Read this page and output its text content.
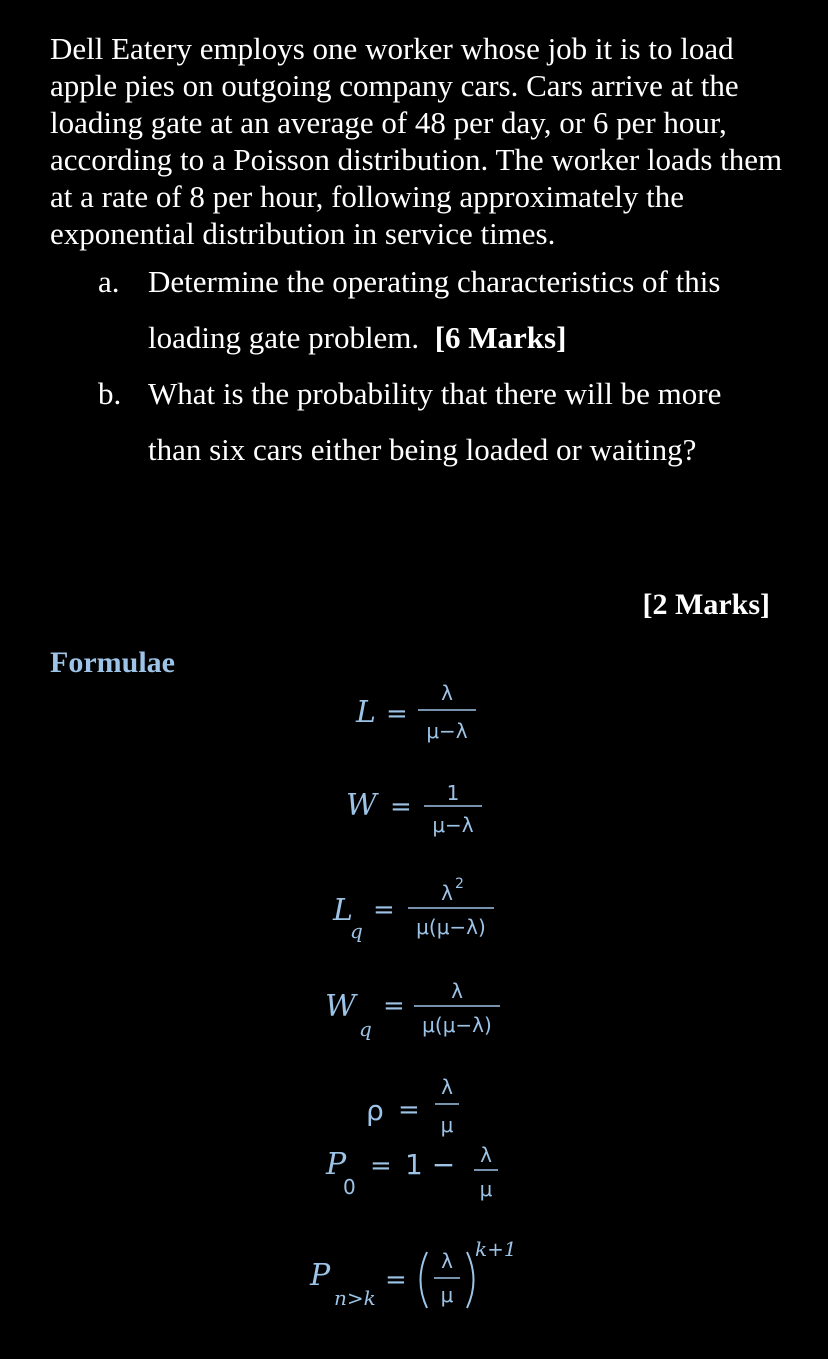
Dell Eatery employs one worker whose job it is to load apple pies on outgoing company cars. Cars arrive at the loading gate at an average of 48 per day, or 6 per hour, according to a Poisson distribution. The worker loads them at a rate of 8 per hour, following approximately the exponential distribution in service times.

a. Determine the operating characteristics of this
loading gate problem. [6 Marks]
b. What is the probability that there will be more
than six cars either being loaded or waiting?
[2 Marks]
Formulae
L =
λ
μ−λ
W = 1
μ−λ
L
q
=
λ 2
μ(μ−λ)
W
q
= λ
μ(μ−λ)
ρ =
λ
μ
P
0
= 1 − λ
μ
P
n>k
=
λ
μ
k+1
